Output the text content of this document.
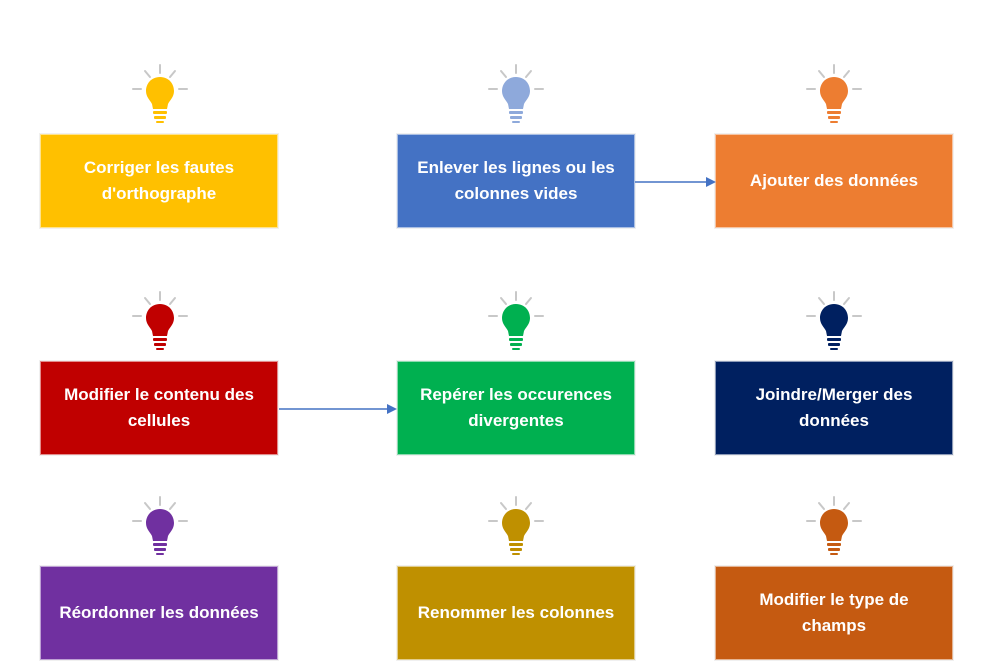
Corriger les fautes d'orthographe
Enlever les lignes ou les colonnes vides
Ajouter des données
Modifier le contenu des cellules
Repérer les occurences divergentes
Joindre/Merger des données
Réordonner les données	Renommer les colonnes
Modifier le type de champs
